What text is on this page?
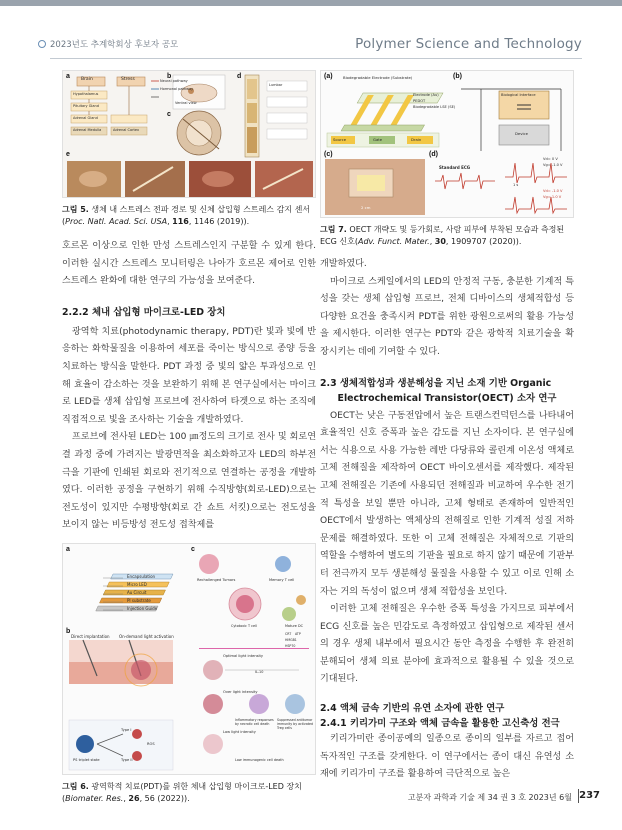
2023년도 추계학회상 후보자 공모	Polymer Science and Technology
a	b
c
d
e
Brain	Stress	Neural pathway
Hormonal pathway
Hypothalamus
Pituitary Gland
Adrenal Gland
Adrenal Medulla	Adrenal Cortex
Ventral view
Lumbar
그림 5. 생체 내 스트레스 전파 경로 및 신체 삽입형 스트레스 감지 센서(Proc. Natl. Acad. Sci. USA, 116, 1146 (2019)).

호르몬 이상으로 인한 만성 스트레스인지 구분할 수 있게 한다. 이러한 실시간 스트레스 모니터링은 나아가 호르몬 제어로 인한 스트레스 완화에 대한 연구의 가능성을 보여준다.

2.2.2 체내 삽입형 마이크로-LED 장치

광역학 치료(photodynamic therapy, PDT)란 빛과 빛에 반응하는 화학물질을 이용하여 세포를 죽이는 방식으로 종양 등을 치료하는 방식을 말한다. PDT 과정 중 빛의 얇은 투과성으로 인해 효율이 감소하는 것을 보완하기 위해 본 연구실에서는 마이크로 LED를 생체 삽입형 프로브에 전사하여 타겟으로 하는 조직에 직접적으로 빛을 조사하는 기술을 개발하였다.

프로브에 전사된 LED는 100 ㎛정도의 크기로 전사 및 회로연결 과정 중에 가려지는 발광면적을 최소화하고자 LED의 하부전극을 기판에 인쇄된 회로와 전기적으로 연결하는 공정을 개발하였다. 이러한 공정을 구현하기 위해 수직방향(회로-LED)으로는 전도성이 있지만 수평방향(회로 간 쇼트 서킷)으로는 전도성을 보이지 않는 비등방성 전도성 접착제를

a
b
c
Encapsulation
Micro LED
Au Circuit
PI substrate
Injection Guide
Direct implantation On-demand light activation
Rechallenged Tumors	Memory T cell
Optimal light intensity
Over light intensity
Low light intensity
Inflammatory responses by necrotic cell death
Suppressed antitumor immunity by activated Treg cells
Low immunogenic cell death
Cytotoxic T cell	Mature DC
CRT ATP
HMGB1
HSP70
IL-10
PS triplet state
Type I
Type II
ROS
그림 6. 광역학적 치료(PDT)를 위한 체내 삽입형 마이크로-LED 장치(Biomater. Res., 26, 56 (2022)).
(a)	(b)
(c)	(d)
Biodegradable Electrode (Substrate)
Electrode (Au)
PEDOT
Biodegradable LSE (SE)
Source	Gate	Drain
Biological Interface
Device
Standard ECG
Vd= 0 V
Vg= -1.0 V
Vd= -1.0 V
Vg= 1.0 V
1 s
2 cm
그림 7. OECT 개략도 및 등가회로, 사람 피부에 부착된 모습과 측정된 ECG 신호(Adv. Funct. Mater., 30, 1909707 (2020)).

개발하였다.

마이크로 스케일에서의 LED의 안정적 구동, 충분한 기계적 특성을 갖는 생체 삽입형 프로브, 전체 디바이스의 생체적합성 등 다양한 요건을 충족시켜 PDT를 위한 광원으로써의 활용 가능성을 제시한다. 이러한 연구는 PDT와 같은 광학적 치료기술을 확장시키는 데에 기여할 수 있다.

2.3 생체적합성과 생분해성을 지닌 소재 기반 Organic
Electrochemical Transistor(OECT) 소자 연구

OECT는 낮은 구동전압에서 높은 트랜스컨덕턴스를 나타내어 효율적인 신호 증폭과 높은 감도를 지닌 소자이다. 본 연구실에서는 식용으로 사용 가능한 레반 다당류와 콜린계 이온성 액체로 고체 전해질을 제작하여 OECT 바이오센서를 제작했다. 제작된 고체 전해질은 기존에 사용되던 전해질과 비교하여 우수한 전기적 특성을 보일 뿐만 아니라, 고체 형태로 존재하여 일반적인 OECT에서 발생하는 액체상의 전해질로 인한 기계적 성질 저하 문제를 해결하였다. 또한 이 고체 전해질은 자체적으로 기판의 역할을 수행하여 별도의 기판을 필요로 하지 않기 때문에 기판부터 전극까지 모두 생분해성 물질을 사용할 수 있고 이로 인해 소자는 거의 독성이 없으며 생체 적합성을 보인다.

이러한 고체 전해질은 우수한 증폭 특성을 가지므로 피부에서 ECG 신호를 높은 민감도로 측정하였고 삽입형으로 제작된 센서의 경우 생체 내부에서 필요시간 동안 측정을 수행한 후 완전히 분해되어 생체 의료 분야에 효과적으로 활용될 수 있을 것으로 기대된다.

2.4 액체 금속 기반의 유연 소자에 관한 연구
2.4.1 키리가미 구조와 액체 금속을 활용한 고신축성 전극

키리가미란 종이공예의 일종으로 종이의 일부를 자르고 접어 독자적인 구조를 갖게한다. 이 연구에서는 종이 대신 유연성 소재에 키리가미 구조를 활용하여 극단적으로 높은

고분자 과학과 기술 제 34 권 3 호 2023년 6월 237
